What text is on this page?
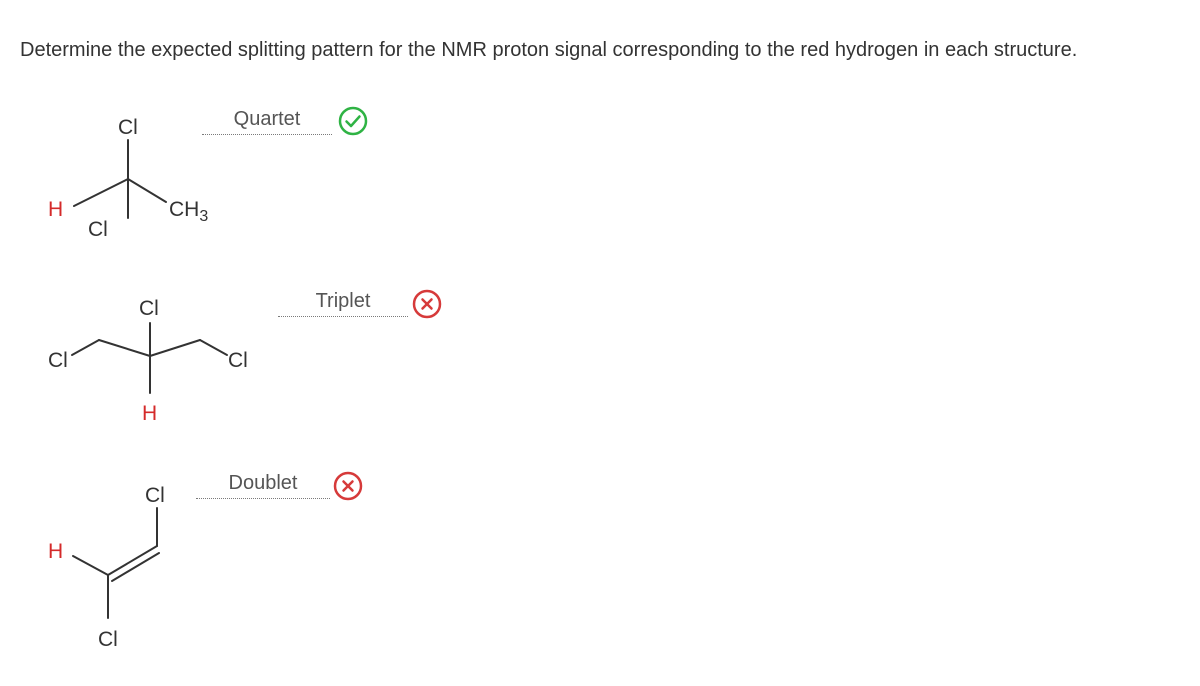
Determine the expected splitting pattern for the NMR proton signal corresponding to the red hydrogen in each structure.
Cl
H	$CH_3$
Cl
Quartet
Cl
Cl	Cl
H
Triplet
Cl
H
Cl
Doublet
